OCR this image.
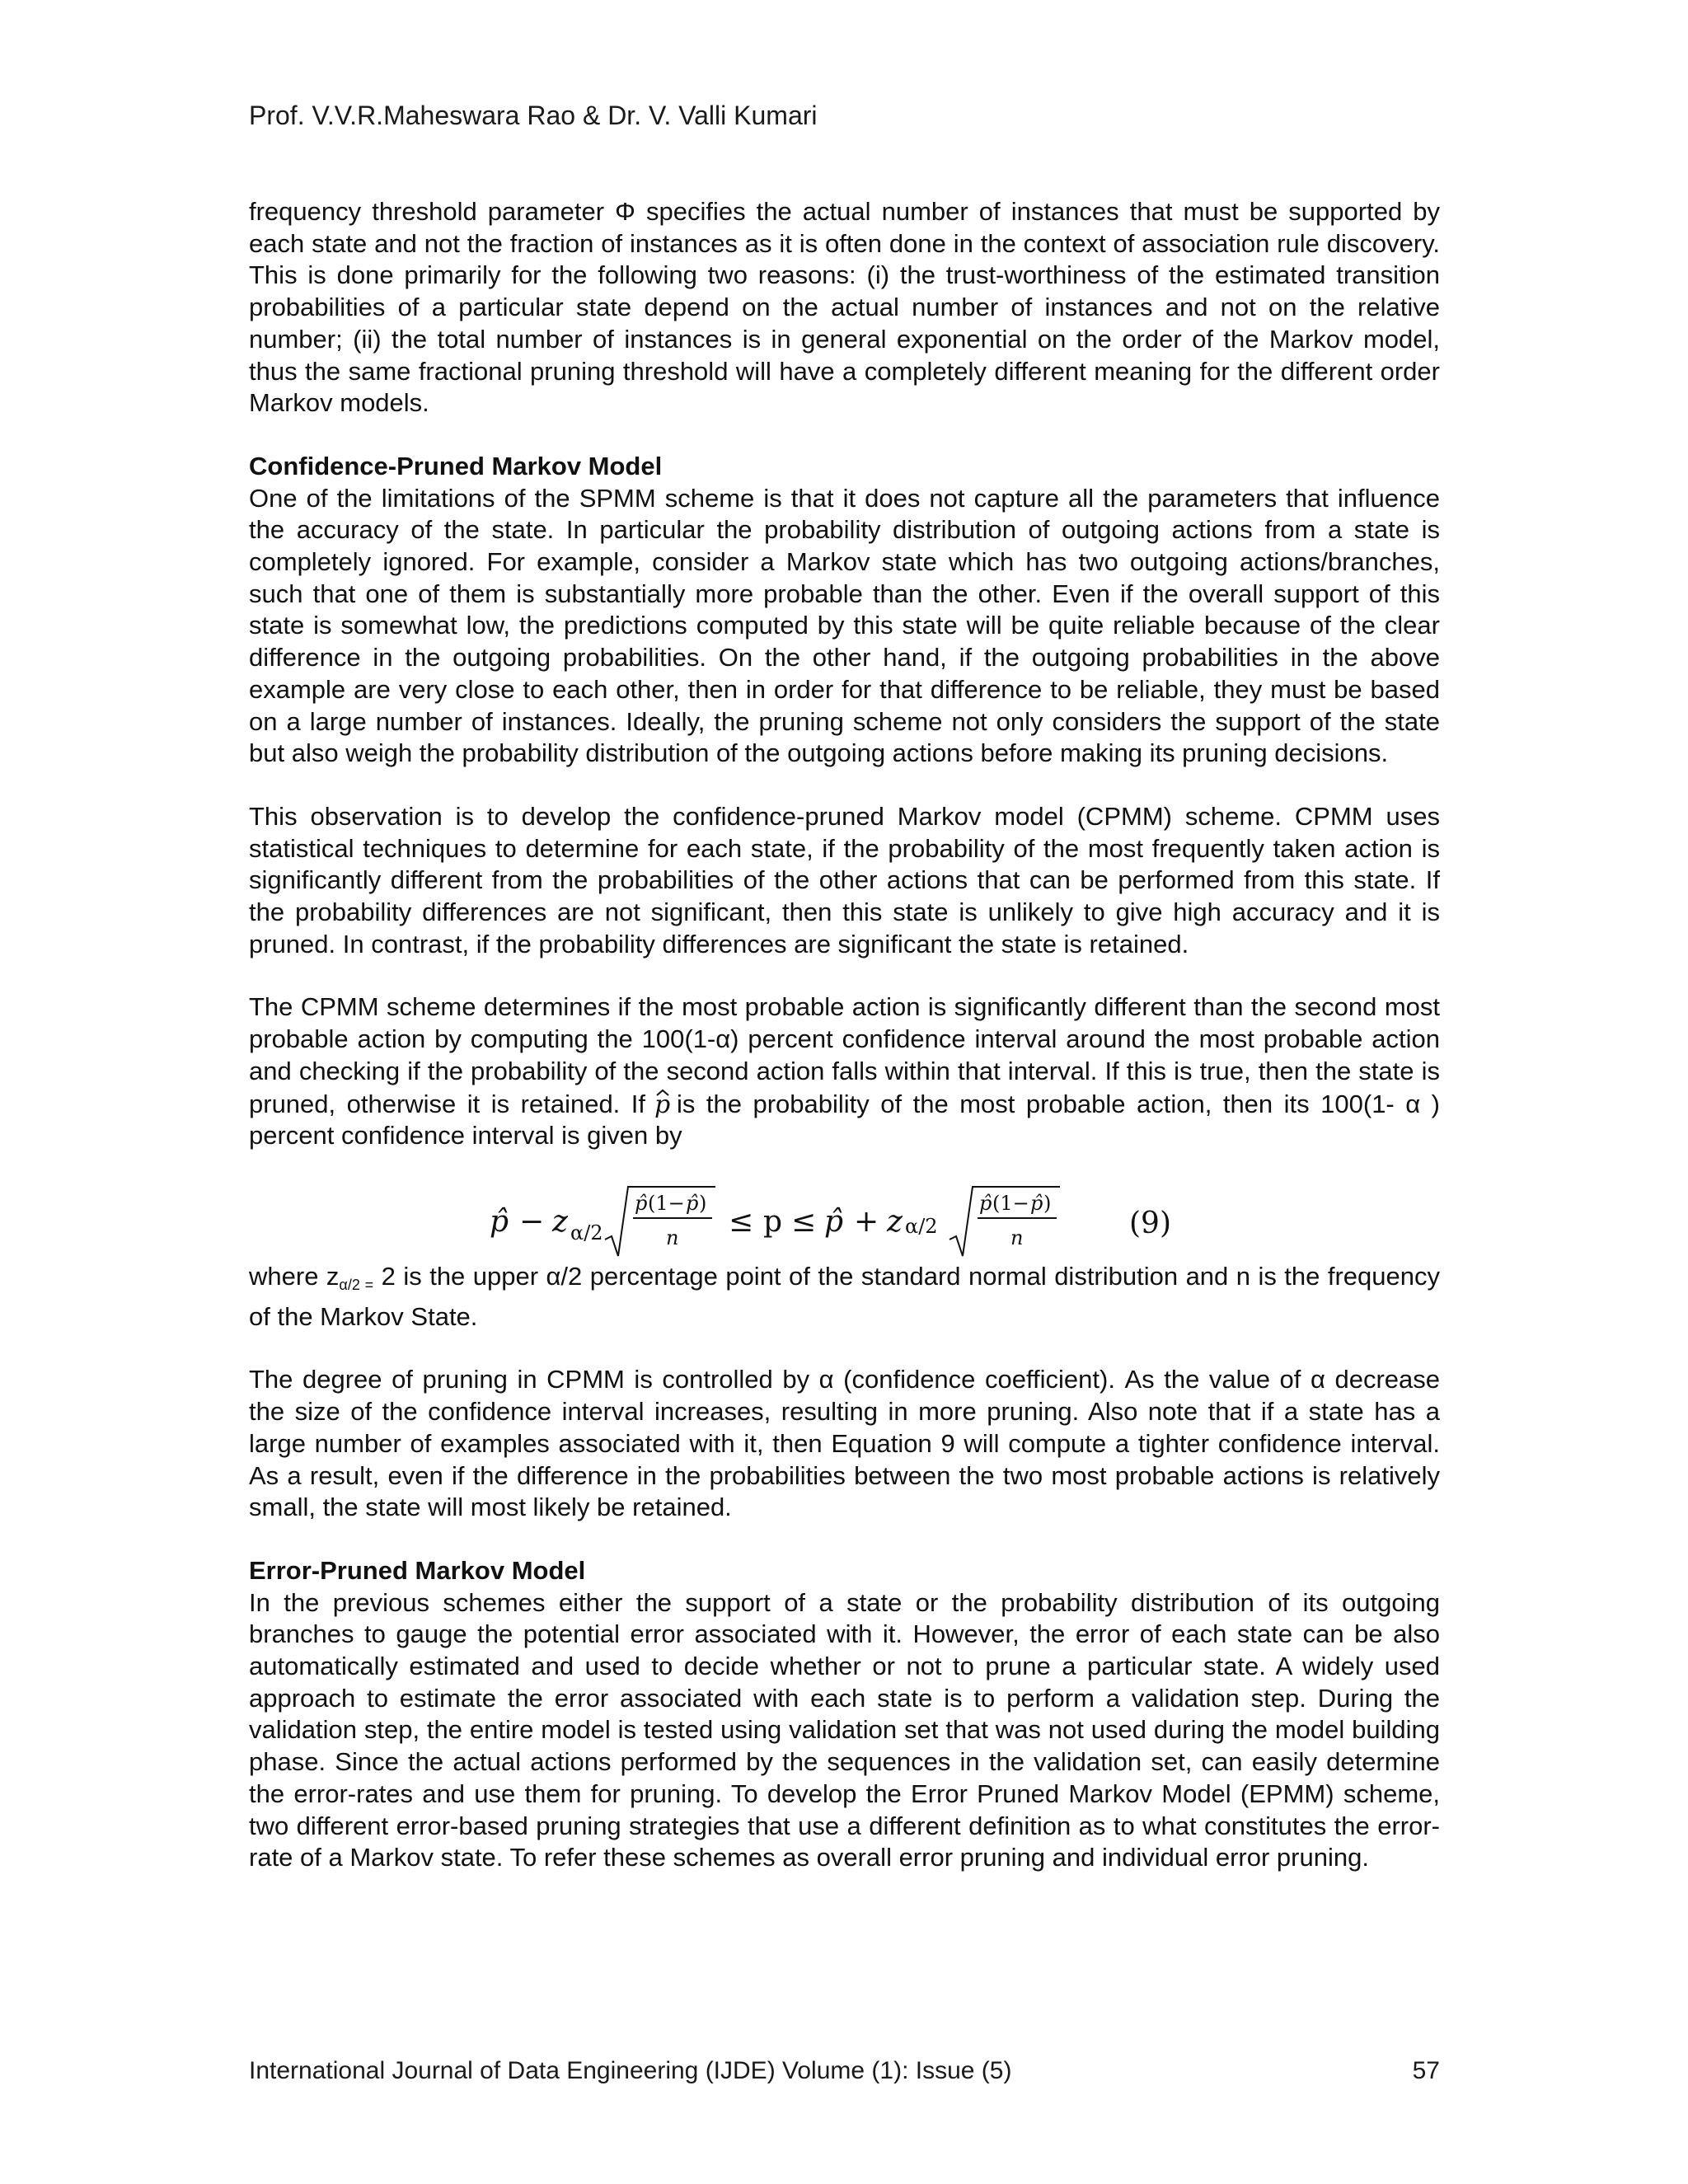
Prof. V.V.R.Maheswara Rao & Dr. V. Valli Kumari

frequency threshold parameter Φ specifies the actual number of instances that must be supported by each state and not the fraction of instances as it is often done in the context of association rule discovery. This is done primarily for the following two reasons: (i) the trust-worthiness of the estimated transition probabilities of a particular state depend on the actual number of instances and not on the relative number; (ii) the total number of instances is in general exponential on the order of the Markov model, thus the same fractional pruning threshold will have a completely different meaning for the different order Markov models.

Confidence-Pruned Markov Model

One of the limitations of the SPMM scheme is that it does not capture all the parameters that influence the accuracy of the state. In particular the probability distribution of outgoing actions from a state is completely ignored. For example, consider a Markov state which has two outgoing actions/branches, such that one of them is substantially more probable than the other. Even if the overall support of this state is somewhat low, the predictions computed by this state will be quite reliable because of the clear difference in the outgoing probabilities. On the other hand, if the outgoing probabilities in the above example are very close to each other, then in order for that difference to be reliable, they must be based on a large number of instances. Ideally, the pruning scheme not only considers the support of the state but also weigh the probability distribution of the outgoing actions before making its pruning decisions.

This observation is to develop the confidence-pruned Markov model (CPMM) scheme. CPMM uses statistical techniques to determine for each state, if the probability of the most frequently taken action is significantly different from the probabilities of the other actions that can be performed from this state. If the probability differences are not significant, then this state is unlikely to give high accuracy and it is pruned. In contrast, if the probability differences are significant the state is retained.

The CPMM scheme determines if the most probable action is significantly different than the second most probable action by computing the 100(1-α) percent confidence interval around the most probable action and checking if the probability of the second action falls within that interval. If this is true, then the state is pruned, otherwise it is retained. If p is the probability of the most probable action, then its 100(1- α ) percent confidence interval is given by

p̂ − z α/2
p̂ (1− p̂ )
n ≤ p ≤ p̂ + z α/2
p̂ (1− p̂ )
n	(9)

where $z_{\alpha/2 =}$ 2 is the upper α/2 percentage point of the standard normal distribution and n is the frequency of the Markov State.

The degree of pruning in CPMM is controlled by α (confidence coefficient). As the value of α decrease the size of the confidence interval increases, resulting in more pruning. Also note that if a state has a large number of examples associated with it, then Equation 9 will compute a tighter confidence interval. As a result, even if the difference in the probabilities between the two most probable actions is relatively small, the state will most likely be retained.

Error-Pruned Markov Model

In the previous schemes either the support of a state or the probability distribution of its outgoing branches to gauge the potential error associated with it. However, the error of each state can be also automatically estimated and used to decide whether or not to prune a particular state. A widely used approach to estimate the error associated with each state is to perform a validation step. During the validation step, the entire model is tested using validation set that was not used during the model building phase. Since the actual actions performed by the sequences in the validation set, can easily determine the error-rates and use them for pruning. To develop the Error Pruned Markov Model (EPMM) scheme, two different error-based pruning strategies that use a different definition as to what constitutes the error-rate of a Markov state. To refer these schemes as overall error pruning and individual error pruning.

International Journal of Data Engineering (IJDE) Volume (1): Issue (5)	57
